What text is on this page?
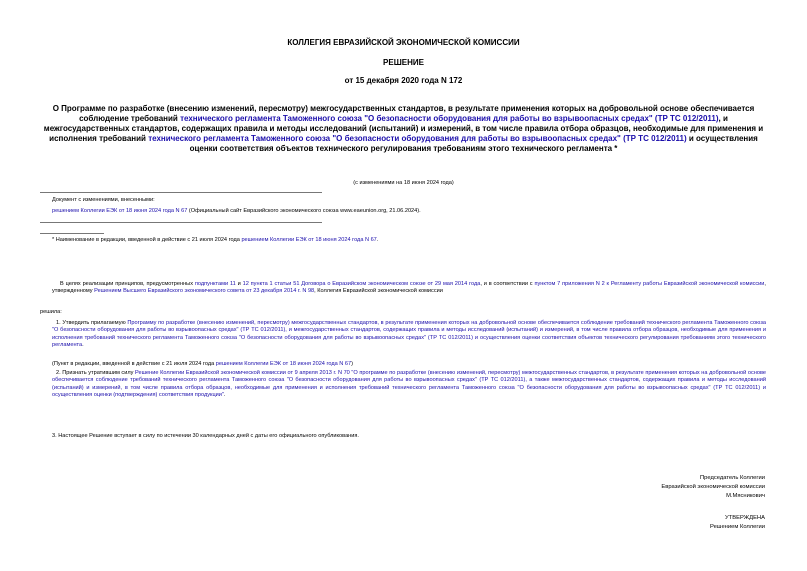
КОЛЛЕГИЯ ЕВРАЗИЙСКОЙ ЭКОНОМИЧЕСКОЙ КОМИССИИ
РЕШЕНИЕ
от 15 декабря 2020 года N 172
О Программе по разработке (внесению изменений, пересмотру) межгосударственных стандартов, в результате применения которых на добровольной основе обеспечивается соблюдение требований технического регламента Таможенного союза "О безопасности оборудования для работы во взрывоопасных средах" (ТР ТС 012/2011), и межгосударственных стандартов, содержащих правила и методы исследований (испытаний) и измерений, в том числе правила отбора образцов, необходимые для применения и исполнения требований технического регламента Таможенного союза "О безопасности оборудования для работы во взрывоопасных средах" (ТР ТС 012/2011) и осуществления оценки соответствия объектов технического регулирования требованиям этого технического регламента *
(с изменениями на 18 июня 2024 года)
Документ с изменениями, внесенными:
решением Коллегии ЕЭК от 18 июня 2024 года N 67 (Официальный сайт Евразийского экономического союза www.eaeunion.org, 21.06.2024).
* Наименование в редакции, введенной в действие с 21 июля 2024 года решением Коллегии ЕЭК от 18 июня 2024 года N 67.
В целях реализации принципов, предусмотренных подпунктами 11 и 12 пункта 1 статьи 51 Договора о Евразийском экономическом союзе от 29 мая 2014 года, и в соответствии с пунктом 7 приложения N 2 к Регламенту работы Евразийской экономической комиссии, утвержденному Решением Высшего Евразийского экономического совета от 23 декабря 2014 г. N 98, Коллегия Евразийской экономической комиссии
решила:
1. Утвердить прилагаемую Программу по разработке (внесению изменений, пересмотру) межгосударственных стандартов, в результате применения которых на добровольной основе обеспечивается соблюдение требований технического регламента Таможенного союза "О безопасности оборудования для работы во взрывоопасных средах" (ТР ТС 012/2011), и межгосударственных стандартов, содержащих правила и методы исследований (испытаний) и измерений, в том числе правила отбора образцов, необходимые для применения и исполнения требований технического регламента Таможенного союза "О безопасности оборудования для работы во взрывоопасных средах" (ТР ТС 012/2011) и осуществления оценки соответствия объектов технического регулирования требованиям этого технического регламента.
(Пункт в редакции, введенной в действие с 21 июля 2024 года решением Коллегии ЕЭК от 18 июня 2024 года N 67)
2. Признать утратившим силу Решение Коллегии Евразийской экономической комиссии от 9 апреля 2013 г. N 70 "О программе по разработке (внесению изменений, пересмотру) межгосударственных стандартов, в результате применения которых на добровольной основе обеспечивается соблюдение требований технического регламента Таможенного союза "О безопасности оборудования для работы во взрывоопасных средах" (ТР ТС 012/2011), а также межгосударственных стандартов, содержащих правила и методы исследований (испытаний) и измерений, в том числе правила отбора образцов, необходимые для применения и исполнения требований технического регламента Таможенного союза "О безопасности оборудования для работы во взрывоопасных средах" (ТР ТС 012/2011) и осуществления оценки (подтверждения) соответствия продукции".
3. Настоящее Решение вступает в силу по истечении 30 календарных дней с даты его официального опубликования.
Председатель Коллегии
Евразийской экономической комиссии
М.Мясникович
УТВЕРЖДЕНА
Решением Коллегии
